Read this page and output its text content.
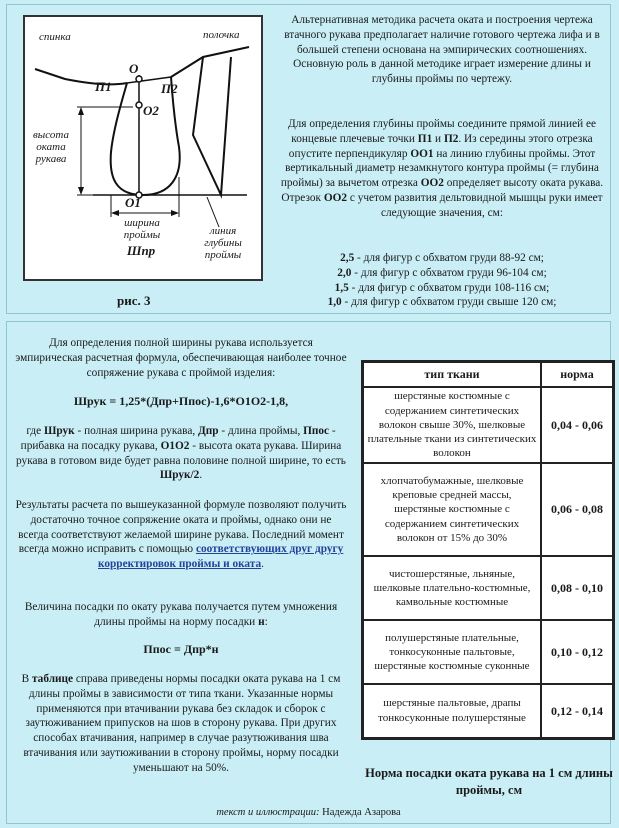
спинка	полочка
О
П1	П2
О2
О1
высота оката рукава
ширина проймы
Шпр
линия глубины проймы
рис. 3

Альтернативная методика расчета оката и построения чертежа втачного рукава предполагает наличие готового чертежа лифа и в большей степени основана на эмпирических соотношениях. Основную роль в данной методике играет измерение длины и глубины проймы по чертежу.

Для определения глубины проймы соедините прямой линией ее концевые плечевые точки П1 и П2. Из середины этого отрезка опустите перпендикуляр ОО1 на линию глубины проймы. Этот вертикальный диаметр незамкнутого контура проймы (= глубина проймы) за вычетом отрезка ОО2 определяет высоту оката рукава. Отрезок ОО2 с учетом развития дельтовидной мышцы руки имеет следующие значения, см:

2,5 - для фигур с обхватом груди 88-92 см;
2,0 - для фигур с обхватом груди 96-104 см;
1,5 - для фигур с обхватом груди 108-116 см;
1,0 - для фигур с обхватом груди свыше 120 см;

Для определения полной ширины рукава используется эмпирическая расчетная формула, обеспечивающая наиболее точное сопряжение рукава с проймой изделия:

Шрук = 1,25*(Дпр+Ппос)-1,6*О1О2-1,8,

где Шрук - полная ширина рукава, Дпр - длина проймы, Ппос - прибавка на посадку рукава, О1О2 - высота оката рукава. Ширина рукава в готовом виде будет равна половине полной ширине, то есть Шрук/2.

Результаты расчета по вышеуказанной формуле позволяют получить достаточно точное сопряжение оката и проймы, однако они не всегда соответствуют желаемой ширине рукава. Последний момент всегда можно исправить с помощью соответствующих друг другу корректировок проймы и оката.

Величина посадки по окату рукава получается путем умножения длины проймы на норму посадки н:

Ппос = Дпр*н

В таблице справа приведены нормы посадки оката рукава на 1 см длины проймы в зависимости от типа ткани. Указанные нормы применяются при втачивании рукава без складок и сборок с заутюживанием припусков на шов в сторону рукава. При других способах втачивания, например в случае разутюживания шва втачивания или заутюживании в сторону проймы, норму посадки уменьшают на 50%.

тип ткани	норма
шерстяные костюмные с содержанием синтетических волокон свыше 30%, шелковые плательные ткани из синтетических волокон	0,04 - 0,06
хлопчатобумажные, шелковые креповые средней массы, шерстяные костюмные с содержанием синтетических волокон от 15% до 30%	0,06 - 0,08
чистошерстяные, льняные, шелковые плательно-костюмные, камвольные костюмные	0,08 - 0,10
полушерстяные плательные, тонкосуконные пальтовые, шерстяные костюмные суконные	0,10 - 0,12
шерстяные пальтовые, драпы тонкосуконные полушерстяные	0,12 - 0,14
Норма посадки оката рукава на 1 см длины проймы, см
текст и иллюстрации: Надежда Азарова
